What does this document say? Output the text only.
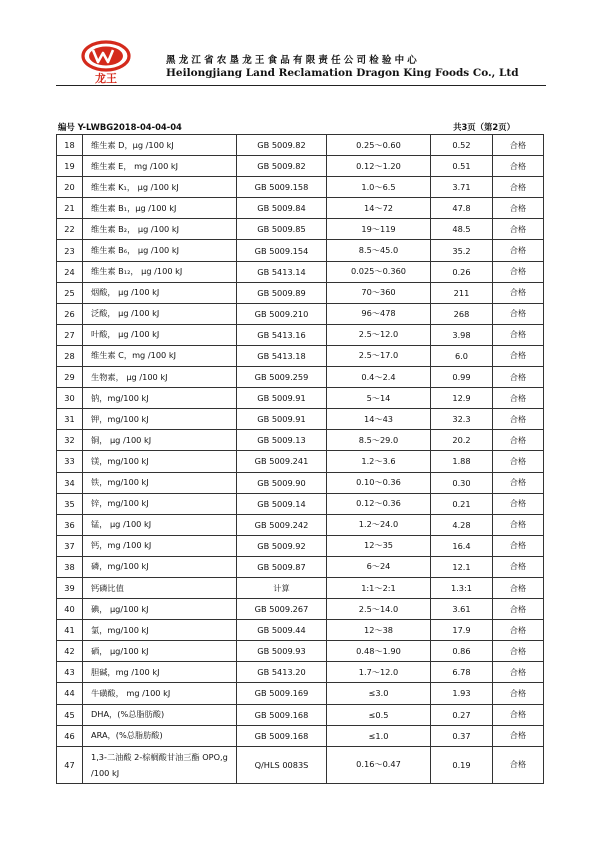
龙王
黑龙江省农垦龙王食品有限责任公司检验中心
Heilongjiang Land Reclamation Dragon King Foods Co., Ltd
编号 Y-LWBG2018-04-04-04	共3页（第2页）
18	维生素 D，μg /100 kJ	GB 5009.82	0.25～0.60	0.52	合格
19	维生素 E， mg /100 kJ	GB 5009.82	0.12～1.20	0.51	合格
20	维生素 K₁， μg /100 kJ	GB 5009.158	1.0～6.5	3.71	合格
21	维生素 B₁，μg /100 kJ	GB 5009.84	14～72	47.8	合格
22	维生素 B₂， μg /100 kJ	GB 5009.85	19～119	48.5	合格
23	维生素 B₆， μg /100 kJ	GB 5009.154	8.5～45.0	35.2	合格
24	维生素 B₁₂， μg /100 kJ	GB 5413.14	0.025～0.360	0.26	合格
25	烟酸， μg /100 kJ	GB 5009.89	70～360	211	合格
26	泛酸， μg /100 kJ	GB 5009.210	96～478	268	合格
27	叶酸， μg /100 kJ	GB 5413.16	2.5～12.0	3.98	合格
28	维生素 C，mg /100 kJ	GB 5413.18	2.5～17.0	6.0	合格
29	生物素， μg /100 kJ	GB 5009.259	0.4～2.4	0.99	合格
30	钠，mg/100 kJ	GB 5009.91	5～14	12.9	合格
31	钾，mg/100 kJ	GB 5009.91	14～43	32.3	合格
32	铜， μg /100 kJ	GB 5009.13	8.5～29.0	20.2	合格
33	镁，mg/100 kJ	GB 5009.241	1.2～3.6	1.88	合格
34	铁，mg/100 kJ	GB 5009.90	0.10～0.36	0.30	合格
35	锌，mg/100 kJ	GB 5009.14	0.12～0.36	0.21	合格
36	锰， μg /100 kJ	GB 5009.242	1.2～24.0	4.28	合格
37	钙，mg /100 kJ	GB 5009.92	12～35	16.4	合格
38	磷，mg/100 kJ	GB 5009.87	6～24	12.1	合格
39	钙磷比值	计算	1:1～2:1	1.3:1	合格
40	碘， μg/100 kJ	GB 5009.267	2.5～14.0	3.61	合格
41	氯，mg/100 kJ	GB 5009.44	12～38	17.9	合格
42	硒， μg/100 kJ	GB 5009.93	0.48～1.90	0.86	合格
43	胆碱，mg /100 kJ	GB 5413.20	1.7～12.0	6.78	合格
44	牛磺酸， mg /100 kJ	GB 5009.169	≤3.0	1.93	合格
45	DHA，(%总脂肪酸)	GB 5009.168	≤0.5	0.27	合格
46	ARA，(%总脂肪酸)	GB 5009.168	≤1.0	0.37	合格
47	1,3-二油酸 2-棕榈酸甘油三酯 OPO,g /100 kJ	Q/HLS 0083S	0.16～0.47	0.19	合格
